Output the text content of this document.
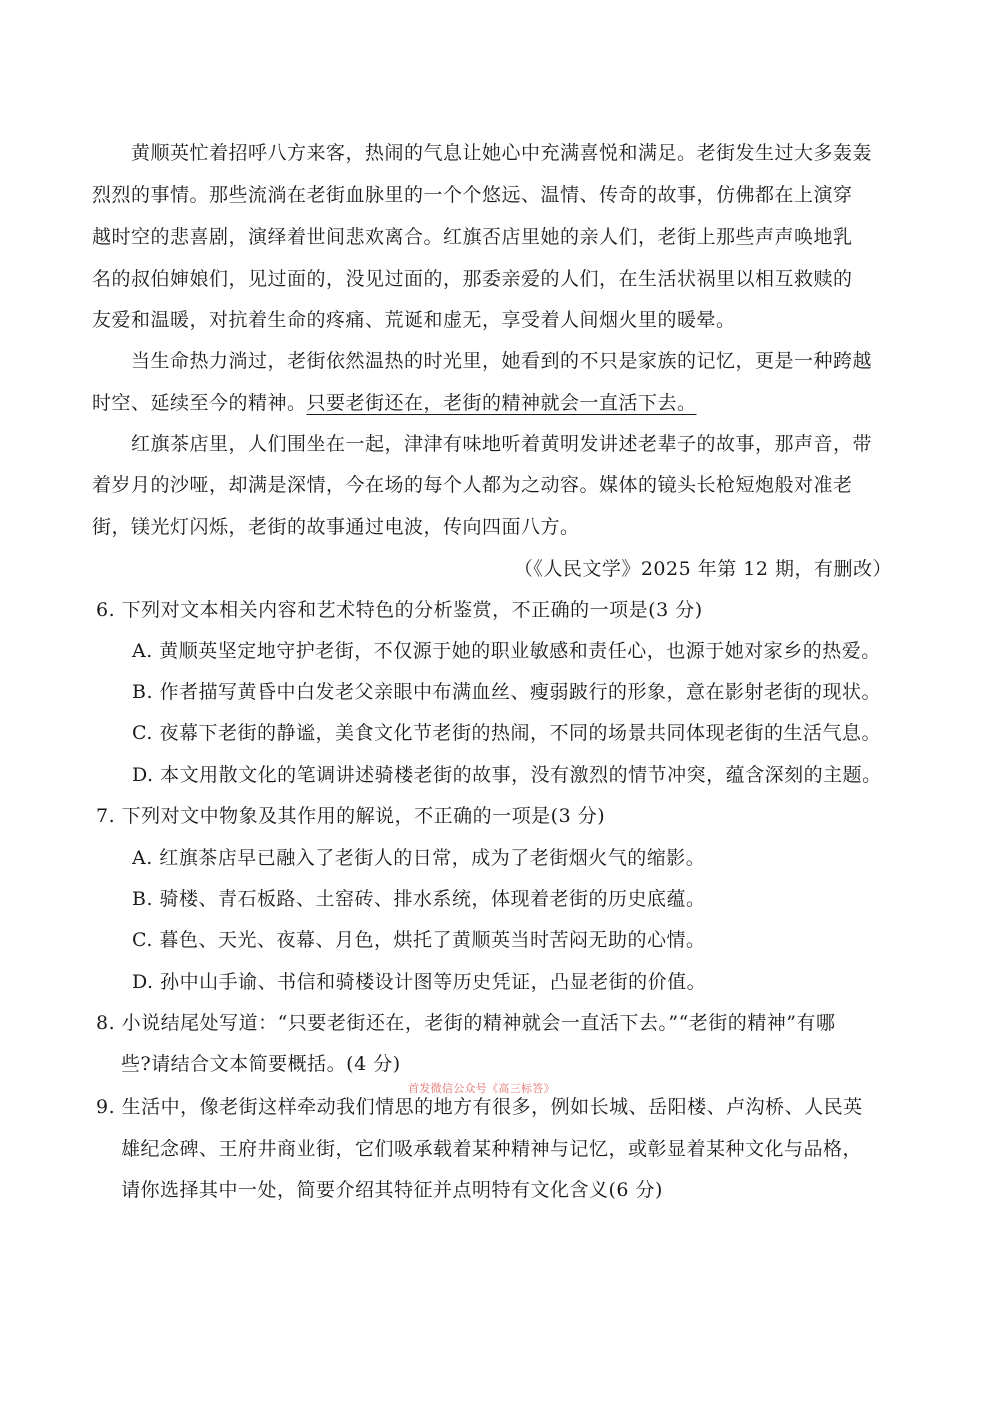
　　黄顺英忙着招呼八方来客，热闹的气息让她心中充满喜悦和满足。老街发生过大多轰轰
烈烈的事情。那些流淌在老街血脉里的一个个悠远、温情、传奇的故事，仿佛都在上演穿
越时空的悲喜剧，演绎着世间悲欢离合。红旗否店里她的亲人们，老街上那些声声唤地乳
名的叔伯婶娘们，见过面的，没见过面的，那委亲爱的人们，在生活状祸里以相互救赎的
友爱和温暖，对抗着生命的疼痛、荒诞和虚无，享受着人间烟火里的暖晕。
　　当生命热力淌过，老街依然温热的时光里，她看到的不只是家族的记忆，更是一种跨越
时空、延续至今的精神。只要老街还在，老街的精神就会一直活下去。
　　红旗茶店里，人们围坐在一起，津津有味地听着黄明发讲述老辈子的故事，那声音，带
着岁月的沙哑，却满是深情，今在场的每个人都为之动容。媒体的镜头长枪短炮般对准老
街，镁光灯闪烁，老街的故事通过电波，传向四面八方。
（《人民文学》2025 年第 12 期，有删改）
6. 下列对文本相关内容和艺术特色的分析鉴赏，不正确的一项是(3 分)
A. 黄顺英坚定地守护老街，不仅源于她的职业敏感和责任心，也源于她对家乡的热爱。
B. 作者描写黄昏中白发老父亲眼中布满血丝、瘦弱跛行的形象，意在影射老街的现状。
C. 夜幕下老街的静谧，美食文化节老街的热闹，不同的场景共同体现老街的生活气息。
D. 本文用散文化的笔调讲述骑楼老街的故事，没有激烈的情节冲突，蕴含深刻的主题。
7. 下列对文中物象及其作用的解说，不正确的一项是(3 分)
A. 红旗茶店早已融入了老街人的日常，成为了老街烟火气的缩影。
B. 骑楼、青石板路、土窑砖、排水系统，体现着老街的历史底蕴。
C. 暮色、天光、夜幕、月色，烘托了黄顺英当时苦闷无助的心情。
D. 孙中山手谕、书信和骑楼设计图等历史凭证，凸显老街的价值。
8. 小说结尾处写道：“只要老街还在，老街的精神就会一直活下去。”“老街的精神”有哪
些?请结合文本简要概括。(4 分)
首发微信公众号《高三标答》
9. 生活中，像老街这样牵动我们情思的地方有很多，例如长城、岳阳楼、卢沟桥、人民英
雄纪念碑、王府井商业街，它们吸承载着某种精神与记忆，或彰显着某种文化与品格，
请你选择其中一处，简要介绍其特征并点明特有文化含义(6 分)
